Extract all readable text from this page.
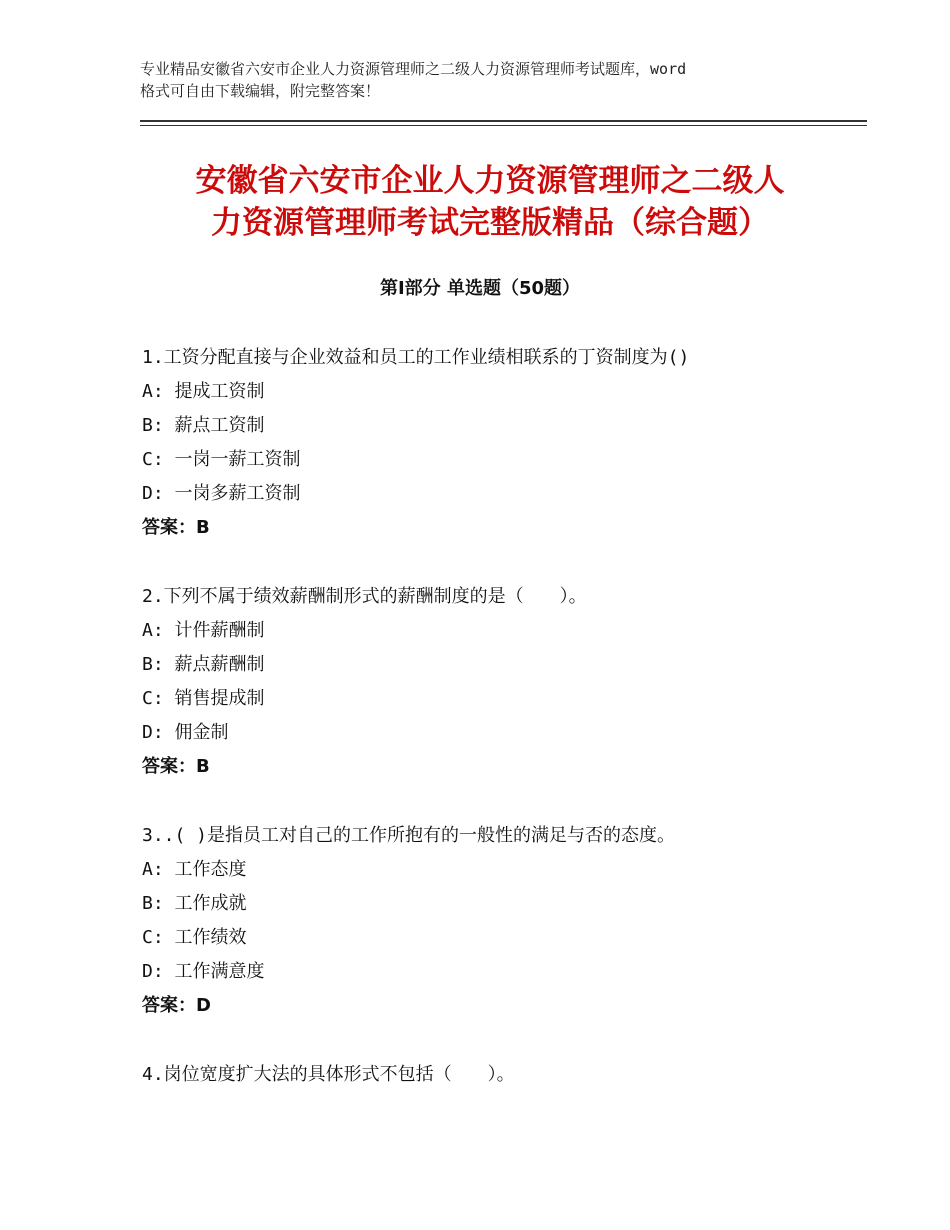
专业精品安徽省六安市企业人力资源管理师之二级人力资源管理师考试题库，word
格式可自由下载编辑，附完整答案！
安徽省六安市企业人力资源管理师之二级人
力资源管理师考试完整版精品（综合题）
第Ⅰ部分 单选题（50题）
1.工资分配直接与企业效益和员工的工作业绩相联系的丁资制度为()
A: 提成工资制
B: 薪点工资制
C: 一岗一薪工资制
D: 一岗多薪工资制
答案：B
2.下列不属于绩效薪酬制形式的薪酬制度的是（　　）。
A: 计件薪酬制
B: 薪点薪酬制
C: 销售提成制
D: 佣金制
答案：B
3..( )是指员工对自己的工作所抱有的一般性的满足与否的态度。
A: 工作态度
B: 工作成就
C: 工作绩效
D: 工作满意度
答案：D
4.岗位宽度扩大法的具体形式不包括（　　）。
